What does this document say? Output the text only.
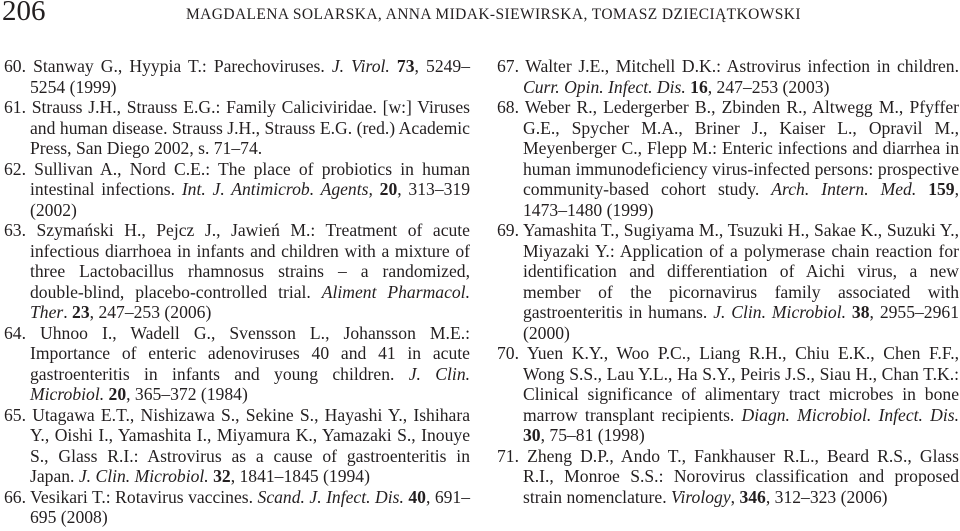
206	MAGDALENA SOLARSKA, ANNA MIDAK-SIEWIRSKA, TOMASZ DZIECIĄTKOWSKI
60. Stanway G., Hyypia T.: Parechoviruses. J. Virol. 73, 5249–5254 (1999)
61. Strauss J.H., Strauss E.G.: Family Caliciviridae. [w:] Viruses and human disease. Strauss J.H., Strauss E.G. (red.) Academic Press, San Diego 2002, s. 71–74.
62. Sullivan A., Nord C.E.: The place of probiotics in human intestinal infections. Int. J. Antimicrob. Agents, 20, 313–319 (2002)
63. Szymański H., Pejcz J., Jawień M.: Treatment of acute infectious diarrhoea in infants and children with a mixture of three Lactobacillus rhamnosus strains – a randomized, double-blind, placebo-controlled trial. Aliment Pharmacol. Ther. 23, 247–253 (2006)
64. Uhnoo I., Wadell G., Svensson L., Johansson M.E.: Importance of enteric adenoviruses 40 and 41 in acute gastroenteritis in infants and young children. J. Clin. Microbiol. 20, 365–372 (1984)
65. Utagawa E.T., Nishizawa S., Sekine S., Hayashi Y., Ishihara Y., Oishi I., Yamashita I., Miyamura K., Yamazaki S., Inouye S., Glass R.I.: Astrovirus as a cause of gastroenteritis in Japan. J. Clin. Microbiol. 32, 1841–1845 (1994)
66. Vesikari T.: Rotavirus vaccines. Scand. J. Infect. Dis. 40, 691–695 (2008)
67. Walter J.E., Mitchell D.K.: Astrovirus infection in children. Curr. Opin. Infect. Dis. 16, 247–253 (2003)
68. Weber R., Ledergerber B., Zbinden R., Altwegg M., Pfyffer G.E., Spycher M.A., Briner J., Kaiser L., Opravil M., Meyenberger C., Flepp M.: Enteric infections and diarrhea in human immunodeficiency virus-infected persons: prospective community-based cohort study. Arch. Intern. Med. 159, 1473–1480 (1999)
69. Yamashita T., Sugiyama M., Tsuzuki H., Sakae K., Suzuki Y., Miyazaki Y.: Application of a polymerase chain reaction for identification and differentiation of Aichi virus, a new member of the picornavirus family associated with gastroenteritis in humans. J. Clin. Microbiol. 38, 2955–2961 (2000)
70. Yuen K.Y., Woo P.C., Liang R.H., Chiu E.K., Chen F.F., Wong S.S., Lau Y.L., Ha S.Y., Peiris J.S., Siau H., Chan T.K.: Clinical significance of alimentary tract microbes in bone marrow transplant recipients. Diagn. Microbiol. Infect. Dis. 30, 75–81 (1998)
71. Zheng D.P., Ando T., Fankhauser R.L., Beard R.S., Glass R.I., Monroe S.S.: Norovirus classification and proposed strain nomenclature. Virology, 346, 312–323 (2006)
